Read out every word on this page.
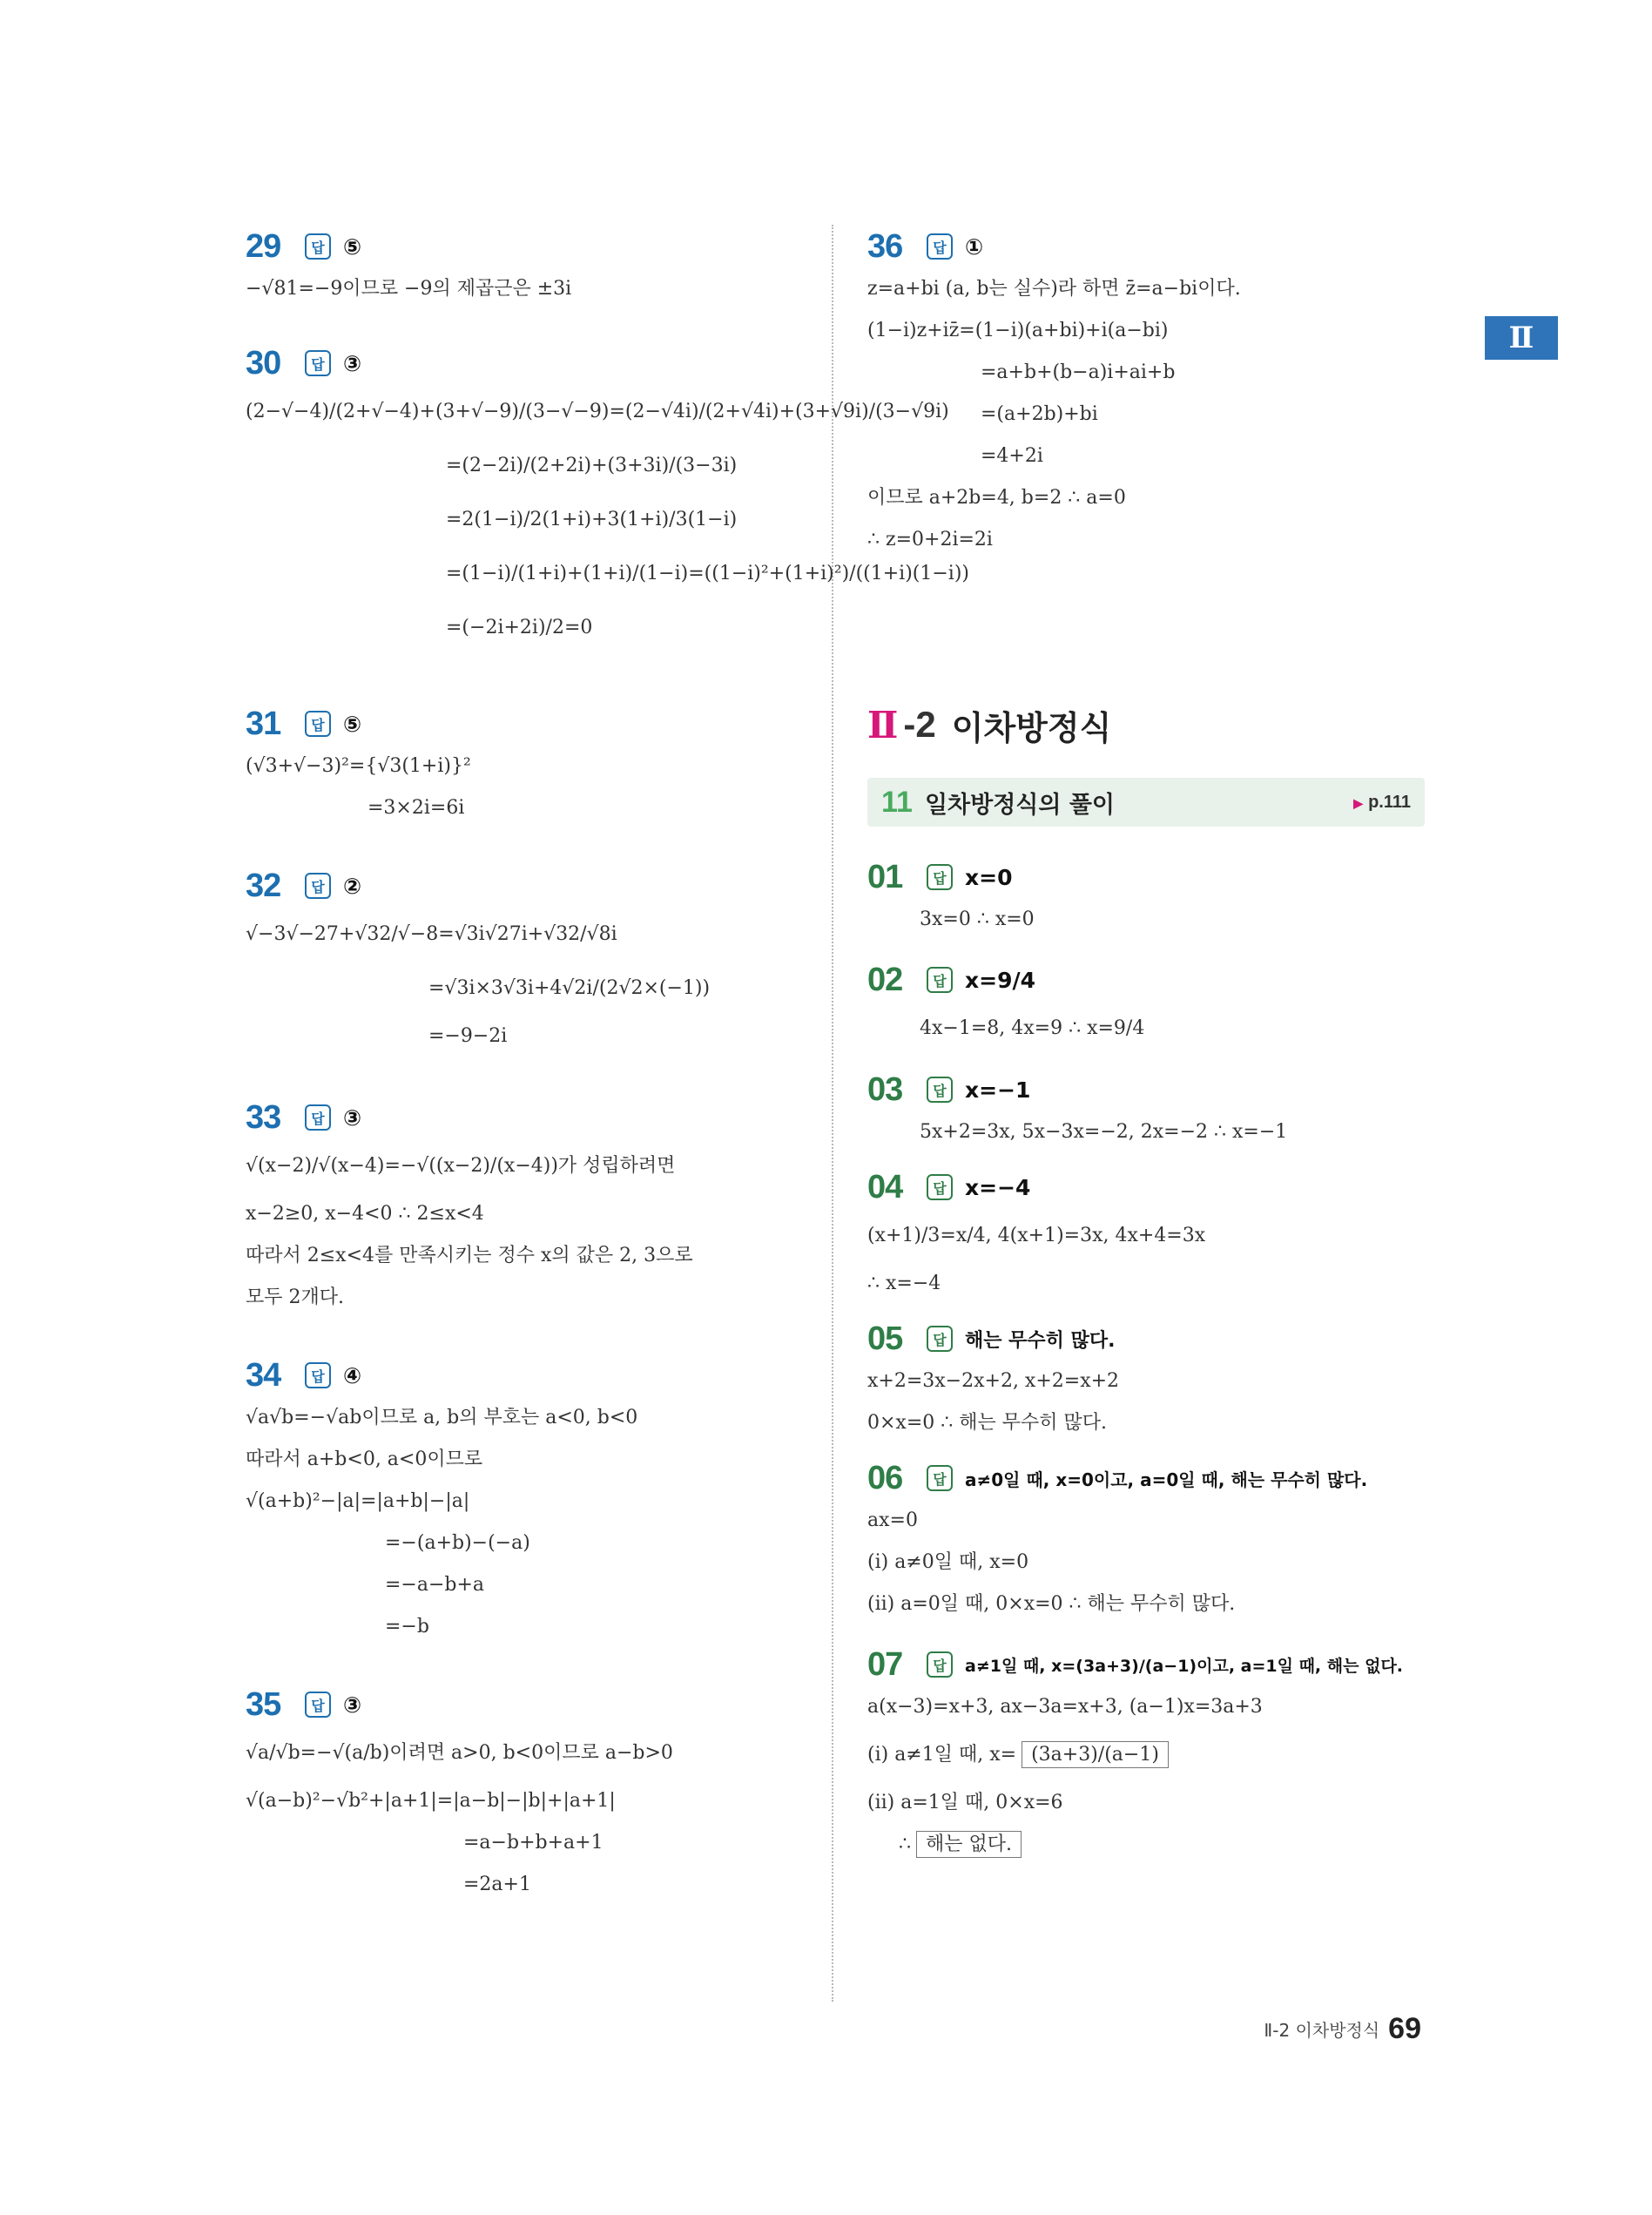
Ⅱ
29	답 ⑤
−√81=−9이므로 −9의 제곱근은 ±3i
30	답 ③
(2−√−4)/(2+√−4)+(3+√−9)/(3−√−9)=(2−√4i)/(2+√4i)+(3+√9i)/(3−√9i)
=(2−2i)/(2+2i)+(3+3i)/(3−3i)
=2(1−i)/2(1+i)+3(1+i)/3(1−i)
=(1−i)/(1+i)+(1+i)/(1−i)=((1−i)²+(1+i)²)/((1+i)(1−i))
=(−2i+2i)/2=0
31	답 ⑤
(√3+√−3)²={√3(1+i)}²
=3×2i=6i
32	답 ②
√−3√−27+√32/√−8=√3i√27i+√32/√8i
=√3i×3√3i+4√2i/(2√2×(−1))
=−9−2i
33	답 ③
√(x−2)/√(x−4)=−√((x−2)/(x−4))가 성립하려면
x−2≥0, x−4<0 ∴ 2≤x<4
따라서 2≤x<4를 만족시키는 정수 x의 값은 2, 3으로
모두 2개다.
34	답 ④
√a√b=−√ab이므로 a, b의 부호는 a<0, b<0
따라서 a+b<0, a<0이므로
√(a+b)²−|a|=|a+b|−|a|
=−(a+b)−(−a)
=−a−b+a
=−b
35	답 ③
√a/√b=−√(a/b)이려면 a>0, b<0이므로 a−b>0
√(a−b)²−√b²+|a+1|=|a−b|−|b|+|a+1|
=a−b+b+a+1
=2a+1
36	답 ①
z=a+bi (a, b는 실수)라 하면 z̄=a−bi이다.
(1−i)z+iz̄=(1−i)(a+bi)+i(a−bi)
=a+b+(b−a)i+ai+b
=(a+2b)+bi
=4+2i
이므로 a+2b=4, b=2 ∴ a=0
∴ z=0+2i=2i
Ⅱ -2 이차방정식
11 일차방정식의 풀이	▶ p.111
01	답 x=0
3x=0 ∴ x=0
02	답 x=9/4
4x−1=8, 4x=9 ∴ x=9/4
03	답 x=−1
5x+2=3x, 5x−3x=−2, 2x=−2 ∴ x=−1
04	답 x=−4
(x+1)/3=x/4, 4(x+1)=3x, 4x+4=3x
∴ x=−4
05	답 해는 무수히 많다.
x+2=3x−2x+2, x+2=x+2
0×x=0 ∴ 해는 무수히 많다.
06	답	a≠0일 때, x=0이고, a=0일 때, 해는 무수히 많다.
ax=0
(i) a≠0일 때, x=0
(ii) a=0일 때, 0×x=0 ∴ 해는 무수히 많다.
07	답	a≠1일 때, x=(3a+3)/(a−1)이고, a=1일 때, 해는 없다.
a(x−3)=x+3, ax−3a=x+3, (a−1)x=3a+3
(i) a≠1일 때, x= (3a+3)/(a−1)
(ii) a=1일 때, 0×x=6
∴ 해는 없다.
Ⅱ-2 이차방정식 69
